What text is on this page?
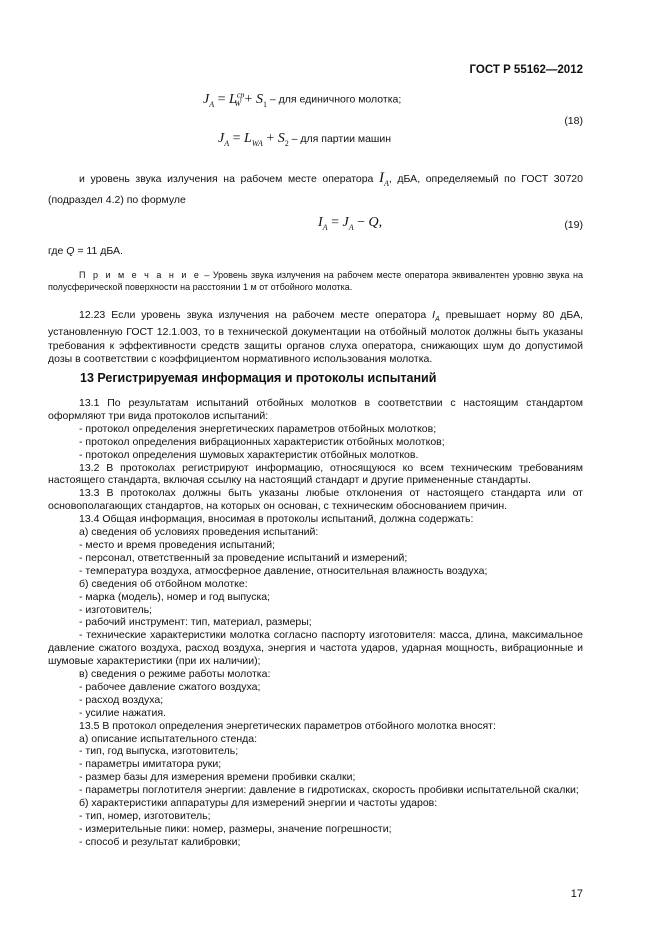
ГОСТ Р 55162—2012
$J_A = L^{ср}_W + S_1$ – для единичного молотка;
(18)
$J_A = L_{WA} + S_2$ – для партии машин
и уровень звука излучения на рабочем месте оператора $I_A$, дБА, определяемый по ГОСТ 30720 (подраздел 4.2) по формуле
$I_A = J_A - Q$,	(19)
где Q = 11 дБА.
П р и м е ч а н и е – Уровень звука излучения на рабочем месте оператора эквивалентен уровню звука на полусферической поверхности на расстоянии 1 м от отбойного молотка.
12.23 Если уровень звука излучения на рабочем месте оператора $I_A$ превышает норму 80 дБА, установленную ГОСТ 12.1.003, то в технической документации на отбойный молоток должны быть указаны требования к эффективности средств защиты органов слуха оператора, снижающих шум до допустимой дозы в соответствии с коэффициентом нормативного использования молотка.
13 Регистрируемая информация и протоколы испытаний

13.1 По результатам испытаний отбойных молотков в соответствии с настоящим стандартом оформляют три вида протоколов испытаний:

- протокол определения энергетических параметров отбойных молотков;

- протокол определения вибрационных характеристик отбойных молотков;

- протокол определения шумовых характеристик отбойных молотков.

13.2 В протоколах регистрируют информацию, относящуюся ко всем техническим требованиям настоящего стандарта, включая ссылку на настоящий стандарт и другие примененные стандарты.

13.3 В протоколах должны быть указаны любые отклонения от настоящего стандарта или от основополагающих стандартов, на которых он основан, с техническим обоснованием причин.

13.4 Общая информация, вносимая в протоколы испытаний, должна содержать:

а) сведения об условиях проведения испытаний:

- место и время проведения испытаний;

- персонал, ответственный за проведение испытаний и измерений;

- температура воздуха, атмосферное давление, относительная влажность воздуха;

б) сведения об отбойном молотке:

- марка (модель), номер и год выпуска;

- изготовитель;

- рабочий инструмент: тип, материал, размеры;

- технические характеристики молотка согласно паспорту изготовителя: масса, длина, максимальное давление сжатого воздуха, расход воздуха, энергия и частота ударов, ударная мощность, вибрационные и шумовые характеристики (при их наличии);

в) сведения о режиме работы молотка:

- рабочее давление сжатого воздуха;

- расход воздуха;

- усилие нажатия.

13.5 В протокол определения энергетических параметров отбойного молотка вносят:

а) описание испытательного стенда:

- тип, год выпуска, изготовитель;

- параметры имитатора руки;

- размер базы для измерения времени пробивки скалки;

- параметры поглотителя энергии: давление в гидротисках, скорость пробивки испытательной скалки;

б) характеристики аппаратуры для измерений энергии и частоты ударов:

- тип, номер, изготовитель;

- измерительные пики: номер, размеры, значение погрешности;

- способ и результат калибровки;

17
